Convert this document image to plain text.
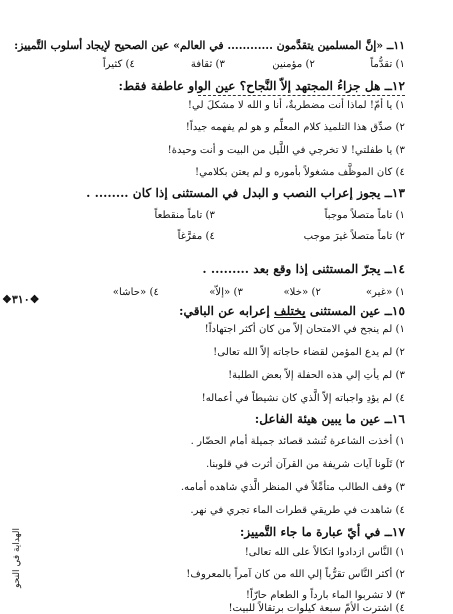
١١ــ «إنَّ المسلمين يتقدَّمون ............ في العالم» عين الصحيح لإيجاد أسلوب التَّمييز:
١) تقدُّماً
٢) مؤمنين
٣) ثقافة
٤) كثيراً
١٢ــ هل جزاءُ المجتهد إلاّ النَّجاح؟ عين الواو عاطفة فقط:
١) يا أمّ! لماذا أنت مضطربةٌ، أنا و الله لا مشكلَ لي!
٢) صدِّق هذا التلميذ كلام المعلِّم و هو لم يفهمه جيداً!
٣) يا طفلتي! لا تخرجي في اللَّيل من البيت و أنت وحيدة!
٤) كان الموظَّف مشغولاً بأموره و لم يعتن بكلامي!
١٣ــ يجوز إعراب النصب و البدل في المستثنى إذا كان ........ .
١) تاماً متصلاً موجباً
٣) تاماً منقطعاً
٢) تاماً متصلاً غيرَ موجب
٤) مفرَّغاً
١٤ــ يجرّ المستثنى إذا وقع بعد ......... .
١) «غير»
٢) «خلا»
٣) «إلاّ»
٤) «حاشا»
١٥ــ عين المستثنى يختلف إعرابه عن الباقي:
١) لم ينجح في الامتحان إلاّ من كان أكثر اجتهاداً!
٢) لم يدع المؤمن لقضاء حاجاته إلاّ الله تعالى!
٣) لم يأتِ إلي هذه الحفلة إلاّ بعض الطلبة!
٤) لم يؤدِ واجباته إلاّ الَّذي كان نشيطاً في أعماله!
١٦ــ عين ما يبين هيئة الفاعل:
١) أخذت الشاعرة تُنشد قصائد جميلة أمام الحضّار .
٢) تَلَونا آيات شريفة من القرآن أثرت في قلوبنا.
٣) وقف الطالب متأمِّلاً في المنظر الَّذي شاهده أمامه.
٤) شاهدت في طريقي قطرات الماء تجري في نهر.
١٧ــ في أيّ عبارة ما جاء التَّمييز:
١) النَّاس ازدادوا اتكالاً على الله تعالى!
٢) أكثر النَّاس تقرُّباً إلي الله من كان آمراً بالمعروف!
٣) لا تشربوا الماء بارداً و الطعام حارّاً!
٤) اشترت الأمّ سبعة كيلوات برتقالاً للبيت!
❖٣١٠❖
الهداية في النحو
